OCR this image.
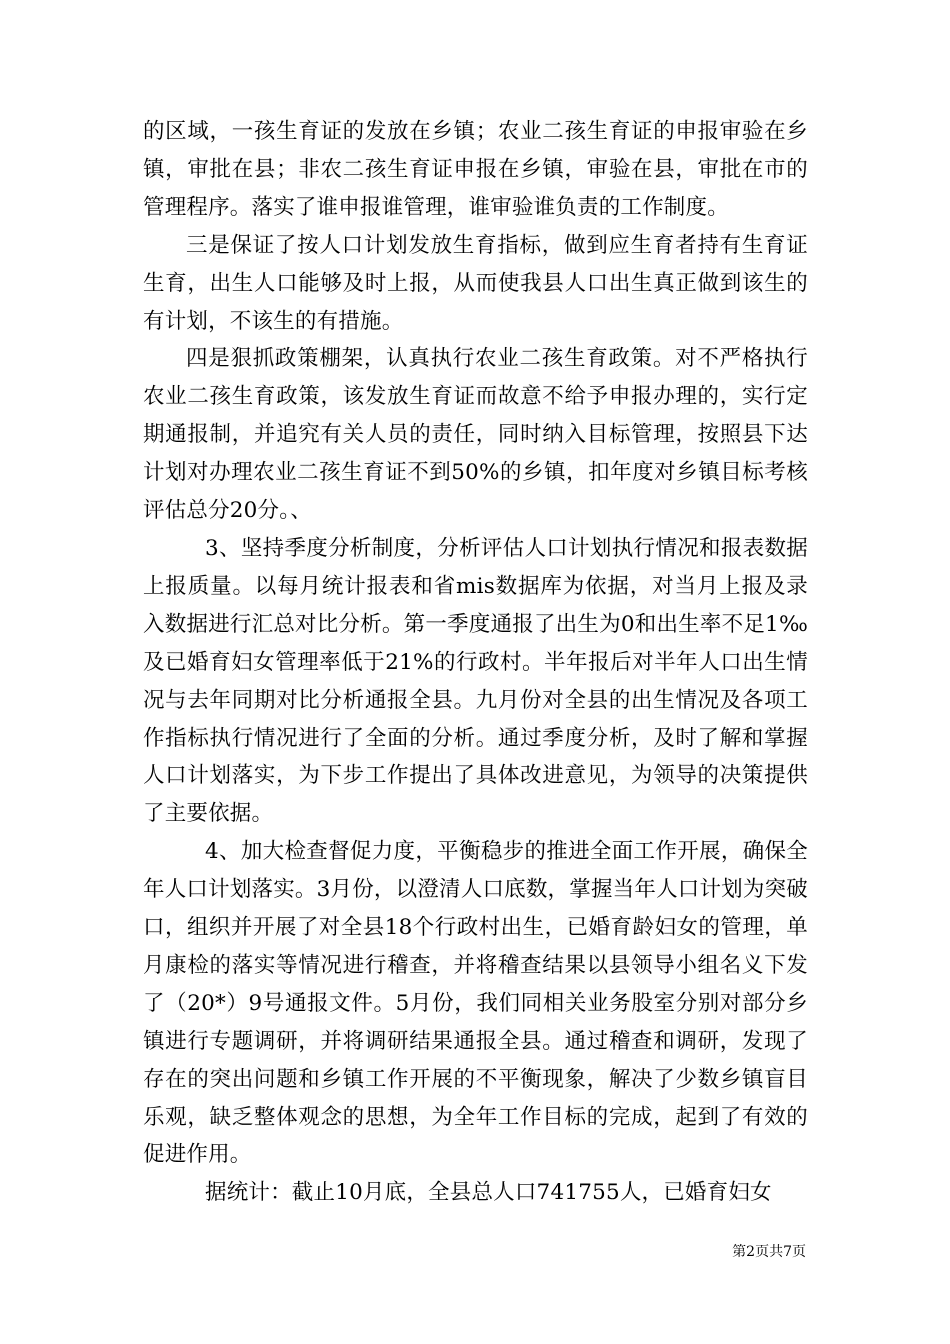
的区域，一孩生育证的发放在乡镇；农业二孩生育证的申报审验在乡镇，审批在县；非农二孩生育证申报在乡镇，审验在县，审批在市的管理程序。落实了谁申报谁管理，谁审验谁负责的工作制度。

三是保证了按人口计划发放生育指标，做到应生育者持有生育证生育，出生人口能够及时上报，从而使我县人口出生真正做到该生的有计划，不该生的有措施。

四是狠抓政策棚架，认真执行农业二孩生育政策。对不严格执行农业二孩生育政策，该发放生育证而故意不给予申报办理的，实行定期通报制，并追究有关人员的责任，同时纳入目标管理，按照县下达计划对办理农业二孩生育证不到50%的乡镇，扣年度对乡镇目标考核评估总分20分。、

3、坚持季度分析制度，分析评估人口计划执行情况和报表数据上报质量。以每月统计报表和省mis数据库为依据，对当月上报及录入数据进行汇总对比分析。第一季度通报了出生为0和出生率不足1‰及已婚育妇女管理率低于21%的行政村。半年报后对半年人口出生情况与去年同期对比分析通报全县。九月份对全县的出生情况及各项工作指标执行情况进行了全面的分析。通过季度分析，及时了解和掌握人口计划落实，为下步工作提出了具体改进意见，为领导的决策提供了主要依据。

4、加大检查督促力度，平衡稳步的推进全面工作开展，确保全年人口计划落实。3月份，以澄清人口底数，掌握当年人口计划为突破口，组织并开展了对全县18个行政村出生，已婚育龄妇女的管理，单月康检的落实等情况进行稽查，并将稽查结果以县领导小组名义下发了（20*）9号通报文件。5月份，我们同相关业务股室分别对部分乡镇进行专题调研，并将调研结果通报全县。通过稽查和调研，发现了存在的突出问题和乡镇工作开展的不平衡现象，解决了少数乡镇盲目乐观，缺乏整体观念的思想，为全年工作目标的完成，起到了有效的促进作用。

据统计：截止10月底，全县总人口741755人，已婚育妇女

第2页共7页
